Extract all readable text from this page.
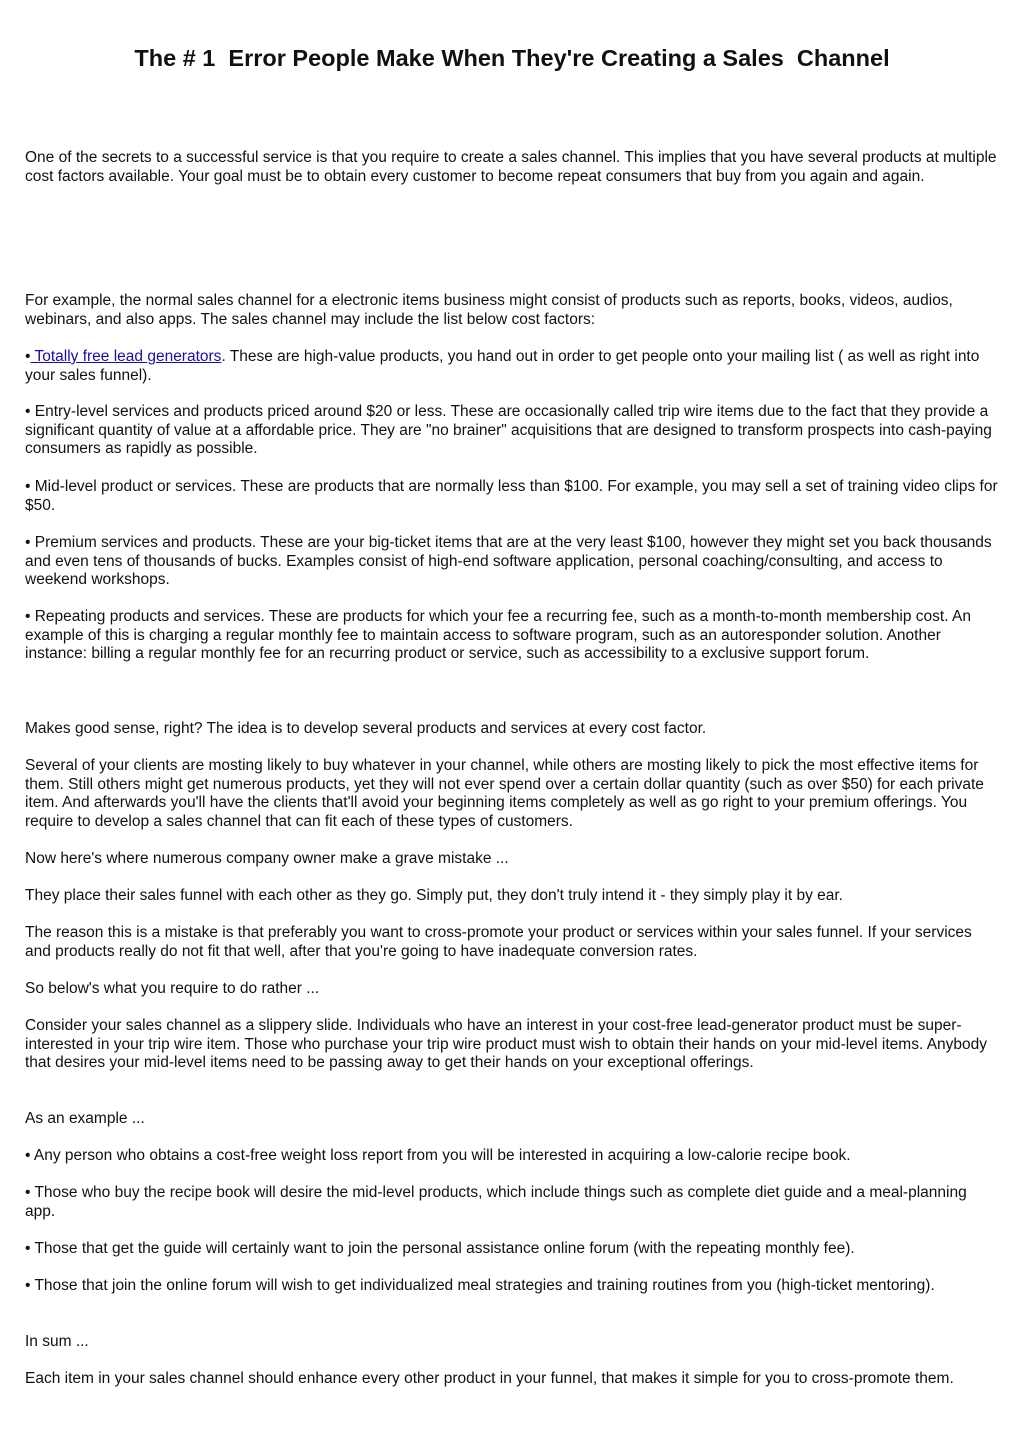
The # 1  Error People Make When They're Creating a Sales  Channel

One of the secrets to a successful service is that you require to create a sales channel. This implies that you have several products at multiple cost factors available. Your goal must be to obtain every customer to become repeat consumers that buy from you again and again.

For example, the normal sales channel for a electronic items business might consist of products such as reports, books, videos, audios, webinars, and also apps. The sales channel may include the list below cost factors:

• Totally free lead generators. These are high-value products, you hand out in order to get people onto your mailing list ( as well as right into your sales funnel).

• Entry-level services and products priced around $20 or less. These are occasionally called trip wire items due to the fact that they provide a significant quantity of value at a affordable price. They are "no brainer" acquisitions that are designed to transform prospects into cash-paying consumers as rapidly as possible.

• Mid-level product or services. These are products that are normally less than $100. For example, you may sell a set of training video clips for $50.

• Premium services and products. These are your big-ticket items that are at the very least $100, however they might set you back thousands and even tens of thousands of bucks. Examples consist of high-end software application, personal coaching/consulting, and access to weekend workshops.

• Repeating products and services. These are products for which your fee a recurring fee, such as a month-to-month membership cost. An example of this is charging a regular monthly fee to maintain access to software program, such as an autoresponder solution. Another instance: billing a regular monthly fee for an recurring product or service, such as accessibility to a exclusive support forum.

Makes good sense, right? The idea is to develop several products and services at every cost factor.

Several of your clients are mosting likely to buy whatever in your channel, while others are mosting likely to pick the most effective items for them. Still others might get numerous products, yet they will not ever spend over a certain dollar quantity (such as over $50) for each private item. And afterwards you'll have the clients that'll avoid your beginning items completely as well as go right to your premium offerings. You require to develop a sales channel that can fit each of these types of customers.

Now here's where numerous company owner make a grave mistake ...

They place their sales funnel with each other as they go. Simply put, they don't truly intend it - they simply play it by ear.

The reason this is a mistake is that preferably you want to cross-promote your product or services within your sales funnel. If your services and products really do not fit that well, after that you're going to have inadequate conversion rates.

So below's what you require to do rather ...

Consider your sales channel as a slippery slide. Individuals who have an interest in your cost-free lead-generator product must be super-interested in your trip wire item. Those who purchase your trip wire product must wish to obtain their hands on your mid-level items. Anybody that desires your mid-level items need to be passing away to get their hands on your exceptional offerings.

As an example ...

• Any person who obtains a cost-free weight loss report from you will be interested in acquiring a low-calorie recipe book.

• Those who buy the recipe book will desire the mid-level products, which include things such as complete diet guide and a meal-planning app.

• Those that get the guide will certainly want to join the personal assistance online forum (with the repeating monthly fee).

• Those that join the online forum will wish to get individualized meal strategies and training routines from you (high-ticket mentoring).

In sum ...

Each item in your sales channel should enhance every other product in your funnel, that makes it simple for you to cross-promote them.
